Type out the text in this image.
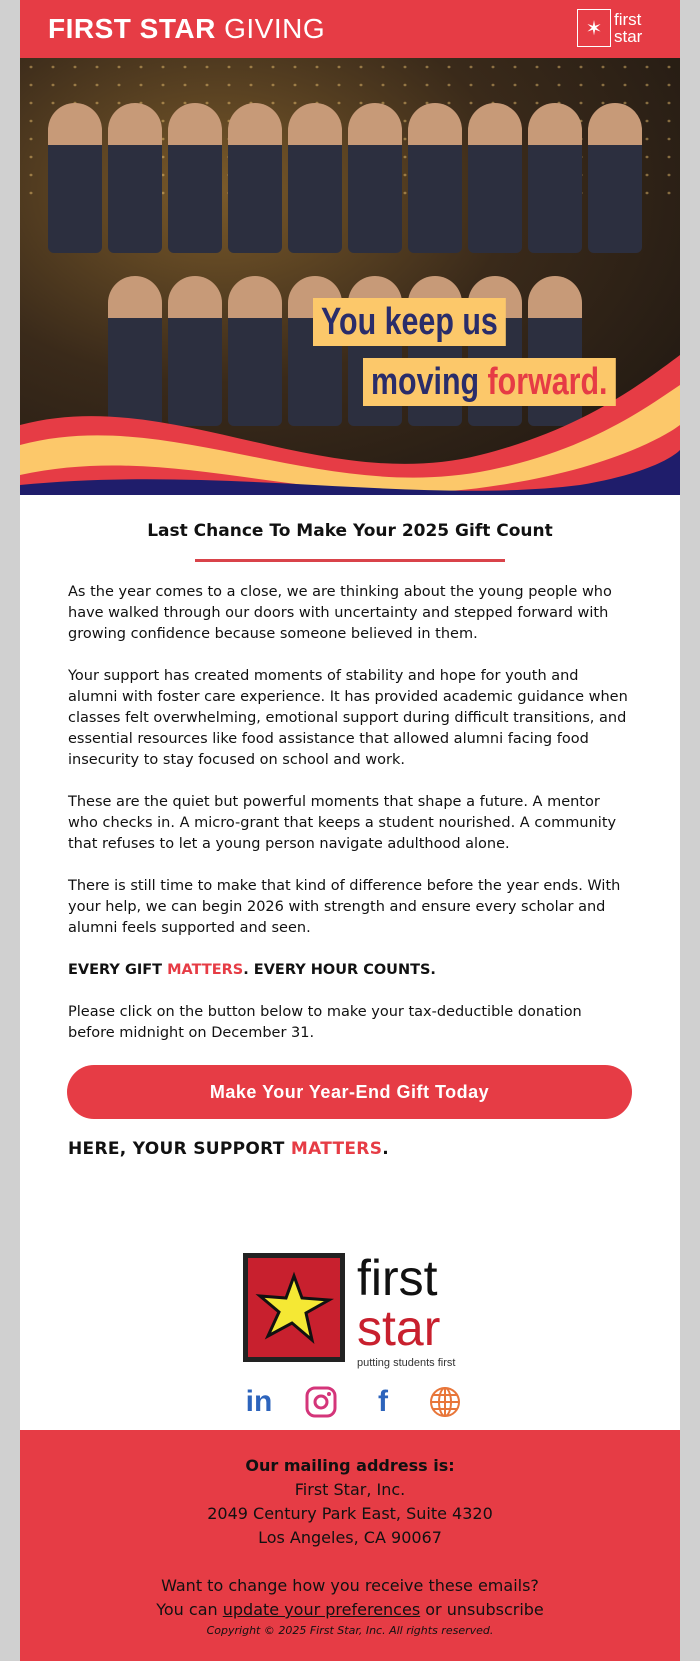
FIRST STAR GIVING	✶ first star
You keep us
moving forward.
Last Chance To Make Your 2025 Gift Count

As the year comes to a close, we are thinking about the young people who have walked through our doors with uncertainty and stepped forward with growing confidence because someone believed in them.

Your support has created moments of stability and hope for youth and alumni with foster care experience. It has provided academic guidance when classes felt overwhelming, emotional support during difficult transitions, and essential resources like food assistance that allowed alumni facing food insecurity to stay focused on school and work.

These are the quiet but powerful moments that shape a future. A mentor who checks in. A micro-grant that keeps a student nourished. A community that refuses to let a young person navigate adulthood alone.

There is still time to make that kind of difference before the year ends. With your help, we can begin 2026 with strength and ensure every scholar and alumni feels supported and seen.

EVERY GIFT MATTERS. EVERY HOUR COUNTS.

Please click on the button below to make your tax-deductible donation before midnight on December 31.

Make Your Year-End Gift Today
HERE, YOUR SUPPORT MATTERS.
first
star
putting students first
in	f
Our mailing address is:
First Star, Inc.
2049 Century Park East, Suite 4320
Los Angeles, CA 90067
Want to change how you receive these emails?
You can update your preferences or unsubscribe
Copyright © 2025 First Star, Inc. All rights reserved.
